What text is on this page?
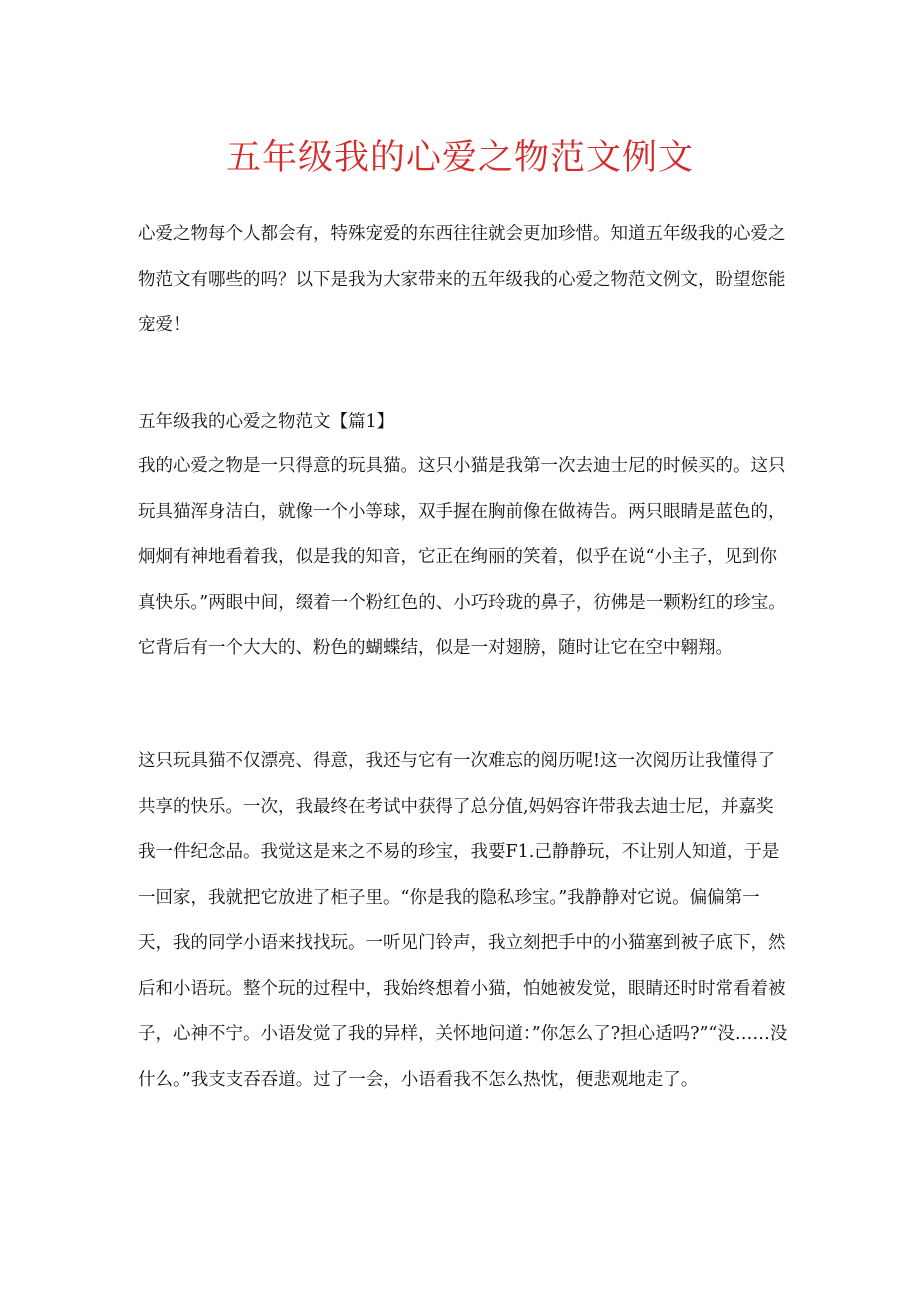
五年级我的心爱之物范文例文

心爱之物每个人都会有，特殊宠爱的东西往往就会更加珍惜。知道五年级我的心爱之物范文有哪些的吗？以下是我为大家带来的五年级我的心爱之物范文例文，盼望您能宠爱！

五年级我的心爱之物范文【篇1】

我的心爱之物是一只得意的玩具猫。这只小猫是我第一次去迪士尼的时候买的。这只玩具猫浑身洁白，就像一个小等球，双手握在胸前像在做祷告。两只眼睛是蓝色的，炯炯有神地看着我，似是我的知音，它正在绚丽的笑着，似乎在说“小主子，见到你真快乐。”两眼中间，缀着一个粉红色的、小巧玲珑的鼻子，彷佛是一颗粉红的珍宝。它背后有一个大大的、粉色的蝴蝶结，似是一对翅膀，随时让它在空中翱翔。

这只玩具猫不仅漂亮、得意，我还与它有一次难忘的阅历呢!这一次阅历让我懂得了共享的快乐。一次，我最终在考试中获得了总分值,妈妈容许带我去迪士尼，并嘉奖我一件纪念品。我觉这是来之不易的珍宝，我要F1.己静静玩，不让别人知道，于是一回家，我就把它放进了柜子里。“你是我的隐私珍宝。”我静静对它说。偏偏第一天，我的同学小语来找找玩。一听见门铃声，我立刻把手中的小猫塞到被子底下，然后和小语玩。整个玩的过程中，我始终想着小猫，怕她被发觉，眼睛还时时常看着被子，心神不宁。小语发觉了我的异样，关怀地问道：”你怎么了?担心适吗?”“没……没什么。”我支支吞吞道。过了一会，小语看我不怎么热忱，便悲观地走了。
